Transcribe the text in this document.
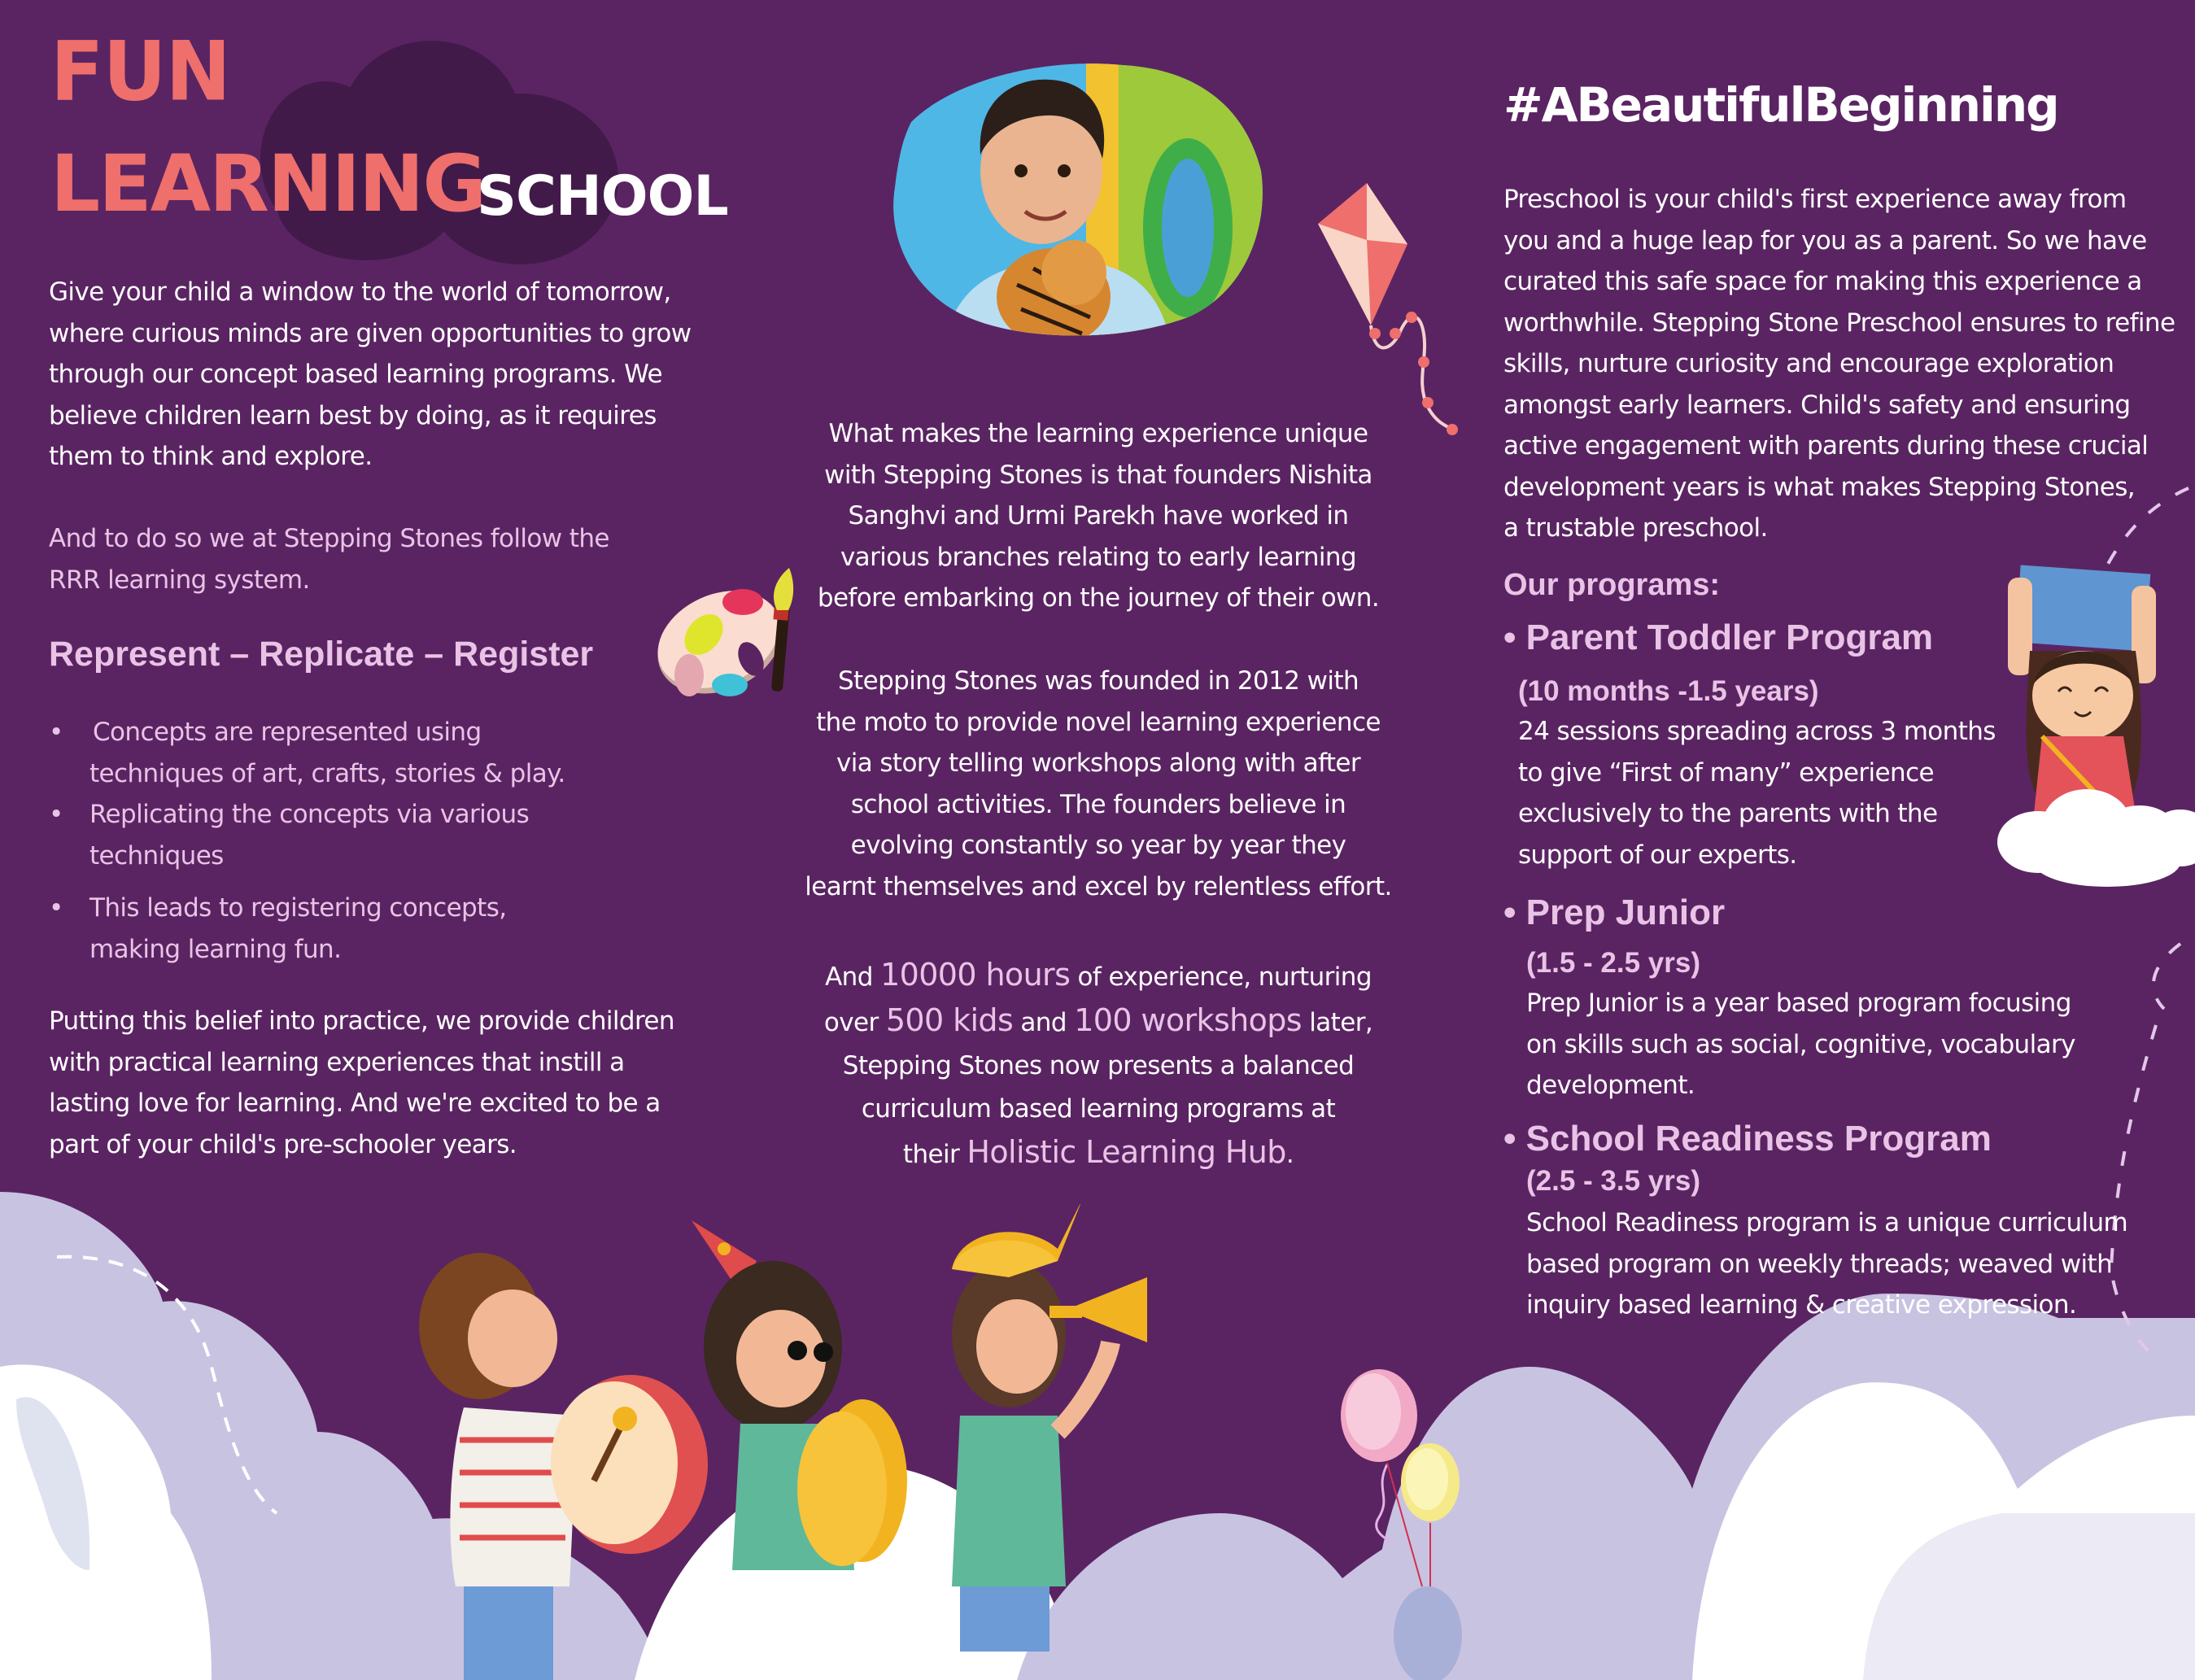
FUN
LEARNING
SCHOOL
Give your child a window to the world of tomorrow,
where curious minds are given opportunities to grow
through our concept based learning programs. We
believe children learn best by doing, as it requires
them to think and explore.
And to do so we at Stepping Stones follow the
RRR learning system.
Represent – Replicate – Register
• Concepts are represented using
techniques of art, crafts, stories & play.
• Replicating the concepts via various
techniques
• This leads to registering concepts,
making learning fun.
Putting this belief into practice, we provide children
with practical learning experiences that instill a
lasting love for learning. And we're excited to be a
part of your child's pre-schooler years.
What makes the learning experience unique
with Stepping Stones is that founders Nishita
Sanghvi and Urmi Parekh have worked in
various branches relating to early learning
before embarking on the journey of their own.
Stepping Stones was founded in 2012 with
the moto to provide novel learning experience
via story telling workshops along with after
school activities. The founders believe in
evolving constantly so year by year they
learnt themselves and excel by relentless effort.
And 10000 hours of experience, nurturing
over 500 kids and 100 workshops later,
Stepping Stones now presents a balanced
curriculum based learning programs at
their Holistic Learning Hub.
#ABeautifulBeginning
Preschool is your child's first experience away from
you and a huge leap for you as a parent. So we have
curated this safe space for making this experience a
worthwhile. Stepping Stone Preschool ensures to refine
skills, nurture curiosity and encourage exploration
amongst early learners. Child's safety and ensuring
active engagement with parents during these crucial
development years is what makes Stepping Stones,
a trustable preschool.
Our programs:
• Parent Toddler Program
(10 months -1.5 years)
24 sessions spreading across 3 months
to give “First of many” experience
exclusively to the parents with the
support of our experts.
• Prep Junior
(1.5 - 2.5 yrs)
Prep Junior is a year based program focusing
on skills such as social, cognitive, vocabulary
development.
• School Readiness Program
(2.5 - 3.5 yrs)
School Readiness program is a unique curriculum
based program on weekly threads; weaved with
inquiry based learning & creative expression.
